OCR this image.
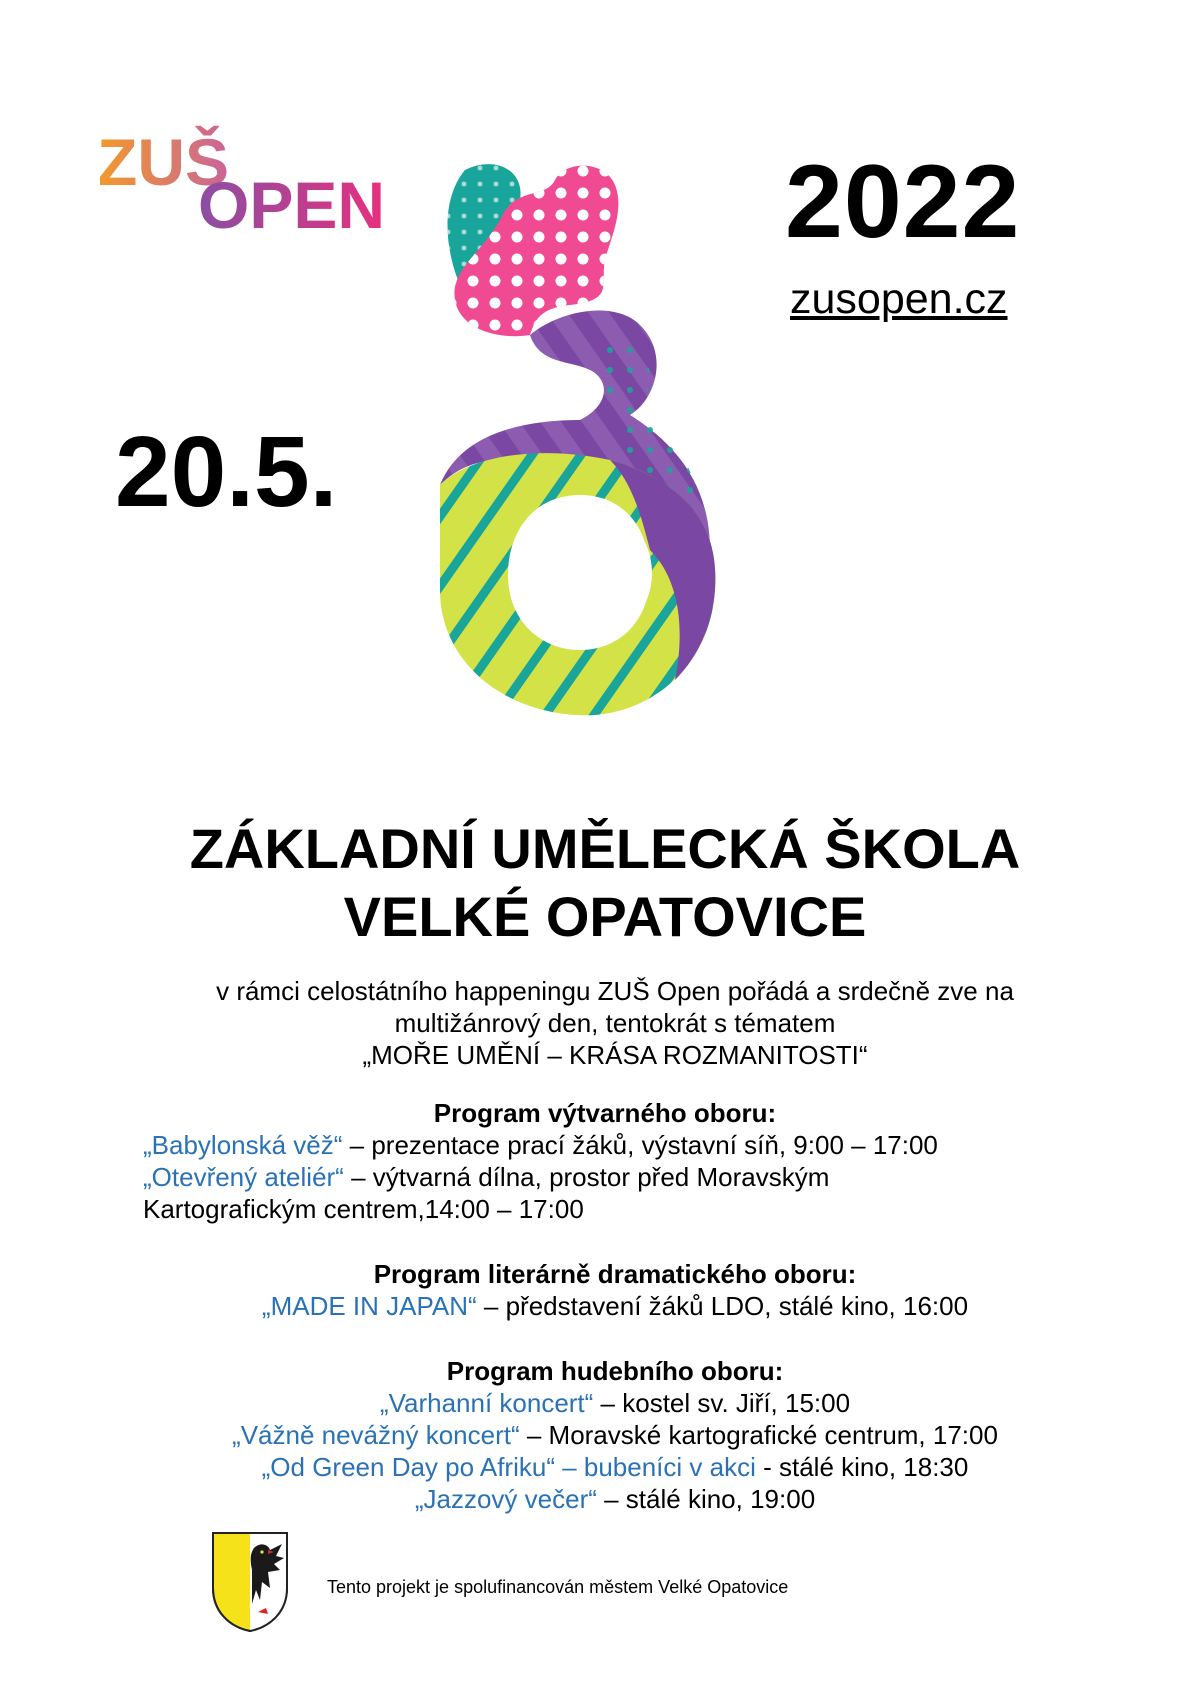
ZUŠ
OPEN	2022
zusopen.cz
20.5.
ZÁKLADNÍ UMĚLECKÁ ŠKOLA
VELKÉ OPATOVICE
v rámci celostátního happeningu ZUŠ Open pořádá a srdečně zve na
multižánrový den, tentokrát s tématem
„MOŘE UMĚNÍ – KRÁSA ROZMANITOSTI“
Program výtvarného oboru:
„Babylonská věž“ – prezentace prací žáků, výstavní síň, 9:00 – 17:00
„Otevřený ateliér“ – výtvarná dílna, prostor před Moravským
Kartografickým centrem,14:00 – 17:00
Program literárně dramatického oboru:
„MADE IN JAPAN“ – představení žáků LDO, stálé kino, 16:00
Program hudebního oboru:
„Varhanní koncert“ – kostel sv. Jiří, 15:00
„Vážně nevážný koncert“ – Moravské kartografické centrum, 17:00
„Od Green Day po Afriku“ – bubeníci v akci - stálé kino, 18:30
„Jazzový večer“ – stálé kino, 19:00
Tento projekt je spolufinancován městem Velké Opatovice
